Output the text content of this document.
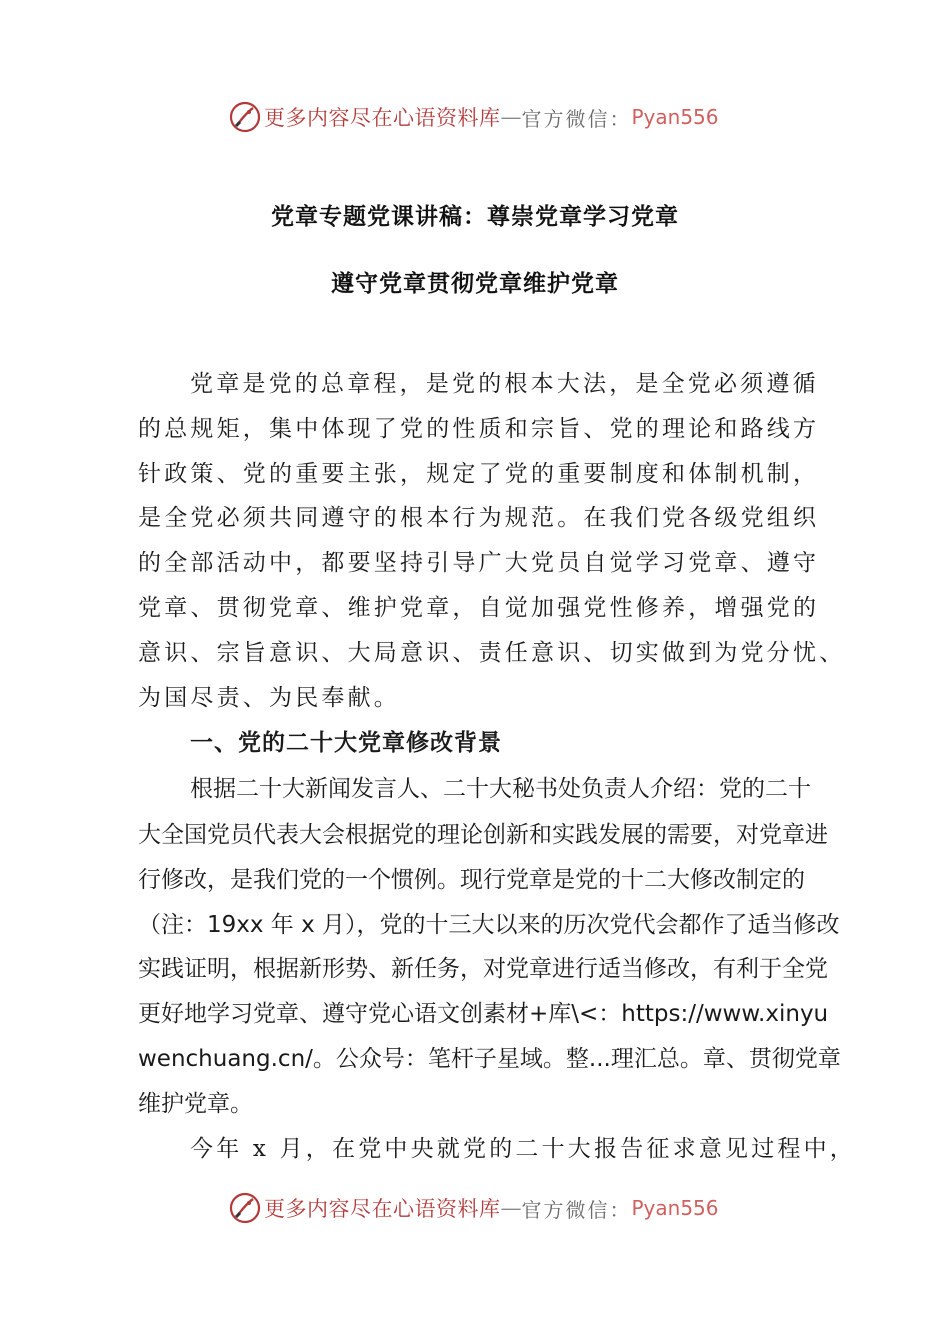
更多内容尽在心语资料库 — 官方微信： Pyan556
党章专题党课讲稿：尊崇党章学习党章
遵守党章贯彻党章维护党章
党章是党的总章程，是党的根本大法，是全党必须遵循
的总规矩，集中体现了党的性质和宗旨、党的理论和路线方
针政策、党的重要主张，规定了党的重要制度和体制机制，
是全党必须共同遵守的根本行为规范。在我们党各级党组织
的全部活动中，都要坚持引导广大党员自觉学习党章、遵守
党章、贯彻党章、维护党章，自觉加强党性修养，增强党的
意识、宗旨意识、大局意识、责任意识、切实做到为党分忧、
为国尽责、为民奉献。
一、党的二十大党章修改背景
根据二十大新闻发言人、二十大秘书处负责人介绍：党的二十
大全国党员代表大会根据党的理论创新和实践发展的需要，对党章进
行修改，是我们党的一个惯例。现行党章是党的十二大修改制定的
（注：19xx 年 x 月），党的十三大以来的历次党代会都作了适当修改
实践证明，根据新形势、新任务，对党章进行适当修改，有利于全党
更好地学习党章、遵守党心语文创素材+库\<：https://www.xinyu
wenchuang.cn/。公众号：笔杆子星域。整...理汇总。章、贯彻党章
维护党章。
今年 x 月，在党中央就党的二十大报告征求意见过程中，
更多内容尽在心语资料库 — 官方微信： Pyan556
